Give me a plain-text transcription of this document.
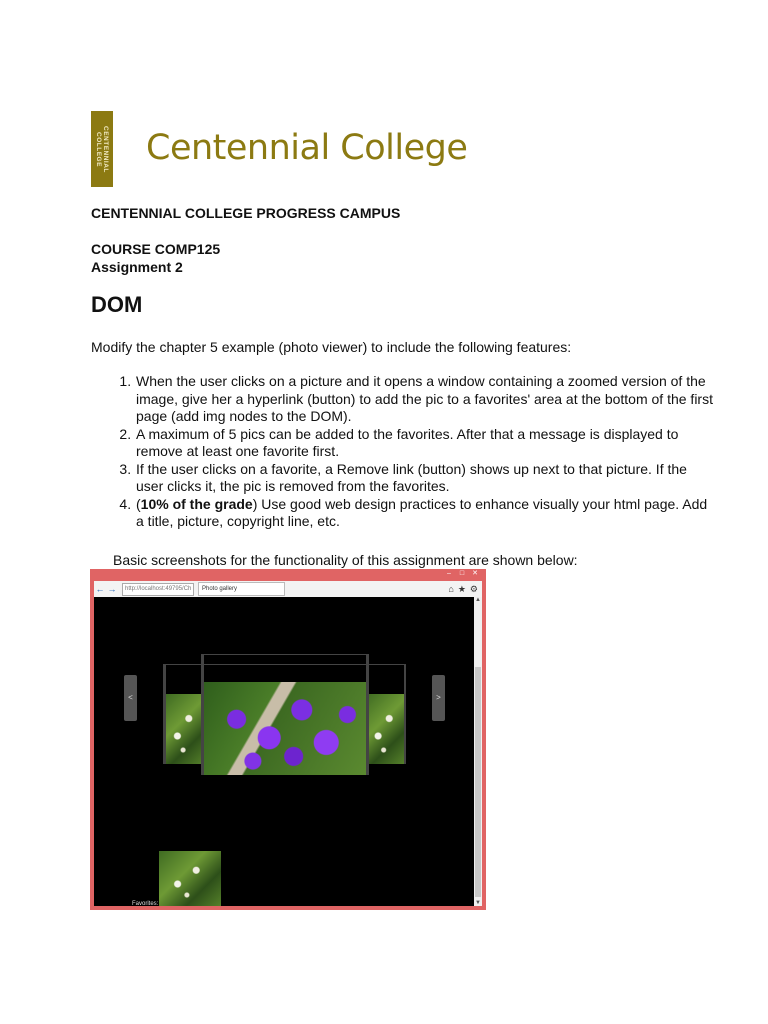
CENTENNIAL COLLEGE Centennial College
CENTENNIAL COLLEGE PROGRESS CAMPUS
COURSE COMP125
Assignment 2
DOM
Modify the chapter 5 example (photo viewer) to include the following features:
1. When the user clicks on a picture and it opens a window containing a zoomed version of the image, give her a hyperlink (button) to add the pic to a favorites' area at the bottom of the first page (add img nodes to the DOM).
2. A maximum of 5 pics can be added to the favorites. After that a message is displayed to remove at least one favorite first.
3. If the user clicks on a favorite, a Remove link (button) shows up next to that picture. If the user clicks it, the pic is removed from the favorites.
4. (10% of the grade) Use good web design practices to enhance visually your html page. Add a title, picture, copyright line, etc.
Basic screenshots for the functionality of this assignment are shown below:
–	□	✕
← →	http://localhost:49795/Ch	Photo gallery	⌂ ★ ⚙
<	>
Favorites:
▲
▼
